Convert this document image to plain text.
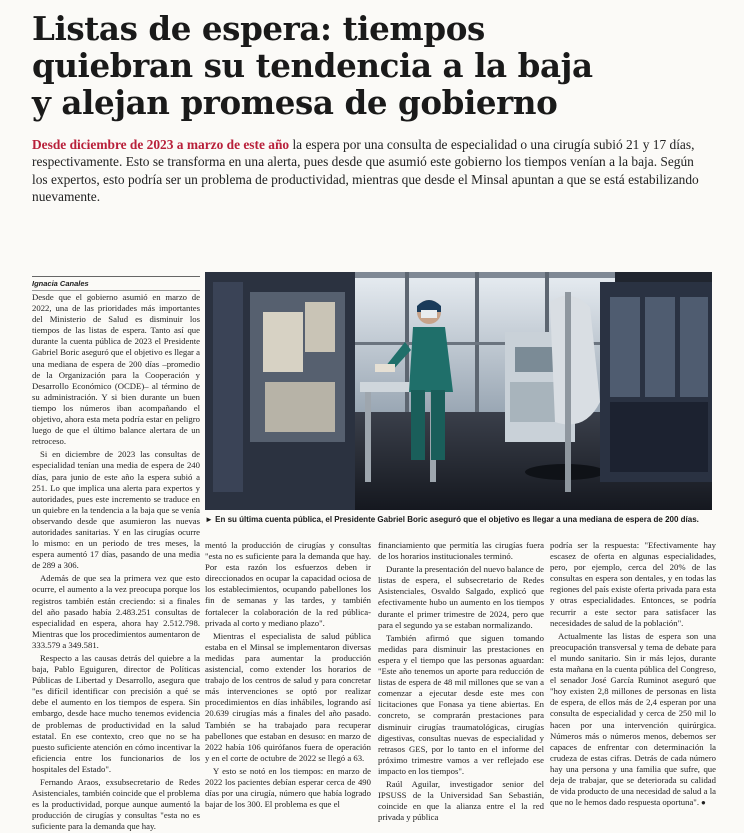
Listas de espera: tiempos
quiebran su tendencia a la baja
y alejan promesa de gobierno
Desde diciembre de 2023 a marzo de este año la espera por una consulta de especialidad o una cirugía subió 21 y 17 días, respectivamente. Esto se transforma en una alerta, pues desde que asumió este gobierno los tiempos venían a la baja. Según los expertos, esto podría ser un problema de productividad, mientras que desde el Minsal apuntan a que se está estabilizando nuevamente.
Ignacia Canales

Desde que el gobierno asumió en marzo de 2022, una de las prioridades más importantes del Ministerio de Salud es disminuir los tiempos de las listas de espera. Tanto así que durante la cuenta pública de 2023 el Presidente Gabriel Boric aseguró que el objetivo es llegar a una mediana de espera de 200 días –promedio de la Organización para la Cooperación y Desarrollo Económico (OCDE)– al término de su administración. Y si bien durante un buen tiempo los números iban acompañando el objetivo, ahora esta meta podría estar en peligro luego de que el último balance alertara de un retroceso.

Si en diciembre de 2023 las consultas de especialidad tenían una media de espera de 240 días, para junio de este año la espera subió a 251. Lo que implica una alerta para expertos y autoridades, pues este incremento se traduce en un quiebre en la tendencia a la baja que se venía observando desde que asumieron las nuevas autoridades sanitarias. Y en las cirugías ocurre lo mismo: en un periodo de tres meses, la espera aumentó 17 días, pasando de una media de 289 a 306.

Además de que sea la primera vez que esto ocurre, el aumento a la vez preocupa porque los registros también están creciendo: si a finales del año pasado había 2.483.251 consultas de especialidad en espera, ahora hay 2.512.798. Mientras que los procedimientos aumentaron de 333.579 a 349.581.

Respecto a las causas detrás del quiebre a la baja, Pablo Eguiguren, director de Políticas Públicas de Libertad y Desarrollo, asegura que "es difícil identificar con precisión a qué se debe el aumento en los tiempos de espera. Sin embargo, desde hace mucho tenemos evidencia de problemas de productividad en la salud estatal. En ese contexto, creo que no se ha puesto suficiente atención en cómo incentivar la eficiencia entre los funcionarios de los hospitales del Estado".

Fernando Araos, exsubsecretario de Redes Asistenciales, también coincide que el problema es la productividad, porque aunque aumentó la producción de cirugías y consultas "esta no es suficiente para la demanda que hay.

► En su última cuenta pública, el Presidente Gabriel Boric aseguró que el objetivo es llegar a una mediana de espera de 200 días.

mentó la producción de cirugías y consultas "esta no es suficiente para la demanda que hay. Por esta razón los esfuerzos deben ir direccionados en ocupar la capacidad ociosa de los establecimientos, ocupando pabellones los fin de semanas y las tardes, y también fortalecer la colaboración de la red pública-privada al corto y mediano plazo".

Mientras el especialista de salud pública estaba en el Minsal se implementaron diversas medidas para aumentar la producción asistencial, como extender los horarios de trabajo de los centros de salud y para concretar más intervenciones se optó por realizar procedimientos en días inhábiles, logrando así 20.639 cirugías más a finales del año pasado. También se ha trabajado para recuperar pabellones que estaban en desuso: en marzo de 2022 había 106 quirófanos fuera de operación y en el corte de octubre de 2022 se llegó a 63.

Y esto se notó en los tiempos: en marzo de 2022 los pacientes debían esperar cerca de 490 días por una cirugía, número que había logrado bajar de los 300. El problema es que el

financiamiento que permitía las cirugías fuera de los horarios institucionales terminó.

Durante la presentación del nuevo balance de listas de espera, el subsecretario de Redes Asistenciales, Osvaldo Salgado, explicó que efectivamente hubo un aumento en los tiempos durante el primer trimestre de 2024, pero que para el segundo ya se estaban normalizando.

También afirmó que siguen tomando medidas para disminuir las prestaciones en espera y el tiempo que las personas aguardan: "Este año tenemos un aporte para reducción de listas de espera de 48 mil millones que se van a comenzar a ejecutar desde este mes con licitaciones que Fonasa ya tiene abiertas. En concreto, se comprarán prestaciones para disminuir cirugías traumatológicas, cirugías digestivas, consultas nuevas de especialidad y retrasos GES, por lo tanto en el informe del próximo trimestre vamos a ver reflejado ese impacto en los tiempos".

Raúl Aguilar, investigador senior del IPSUSS de la Universidad San Sebastián, coincide en que la alianza entre el la red privada y pública

podría ser la respuesta: "Efectivamente hay escasez de oferta en algunas especialidades, pero, por ejemplo, cerca del 20% de las consultas en espera son dentales, y en todas las regiones del país existe oferta privada para esta y otras especialidades. Entonces, se podría recurrir a este sector para satisfacer las necesidades de salud de la población".

Actualmente las listas de espera son una preocupación transversal y tema de debate para el mundo sanitario. Sin ir más lejos, durante esta mañana en la cuenta pública del Congreso, el senador José García Ruminot aseguró que "hoy existen 2,8 millones de personas en lista de espera, de ellos más de 2,4 esperan por una consulta de especialidad y cerca de 250 mil lo hacen por una intervención quirúrgica. Números más o números menos, debemos ser capaces de enfrentar con determinación la crudeza de estas cifras. Detrás de cada número hay una persona y una familia que sufre, que deja de trabajar, que se deteriorada su calidad de vida producto de una necesidad de salud a la que no le hemos dado respuesta oportuna". ●
